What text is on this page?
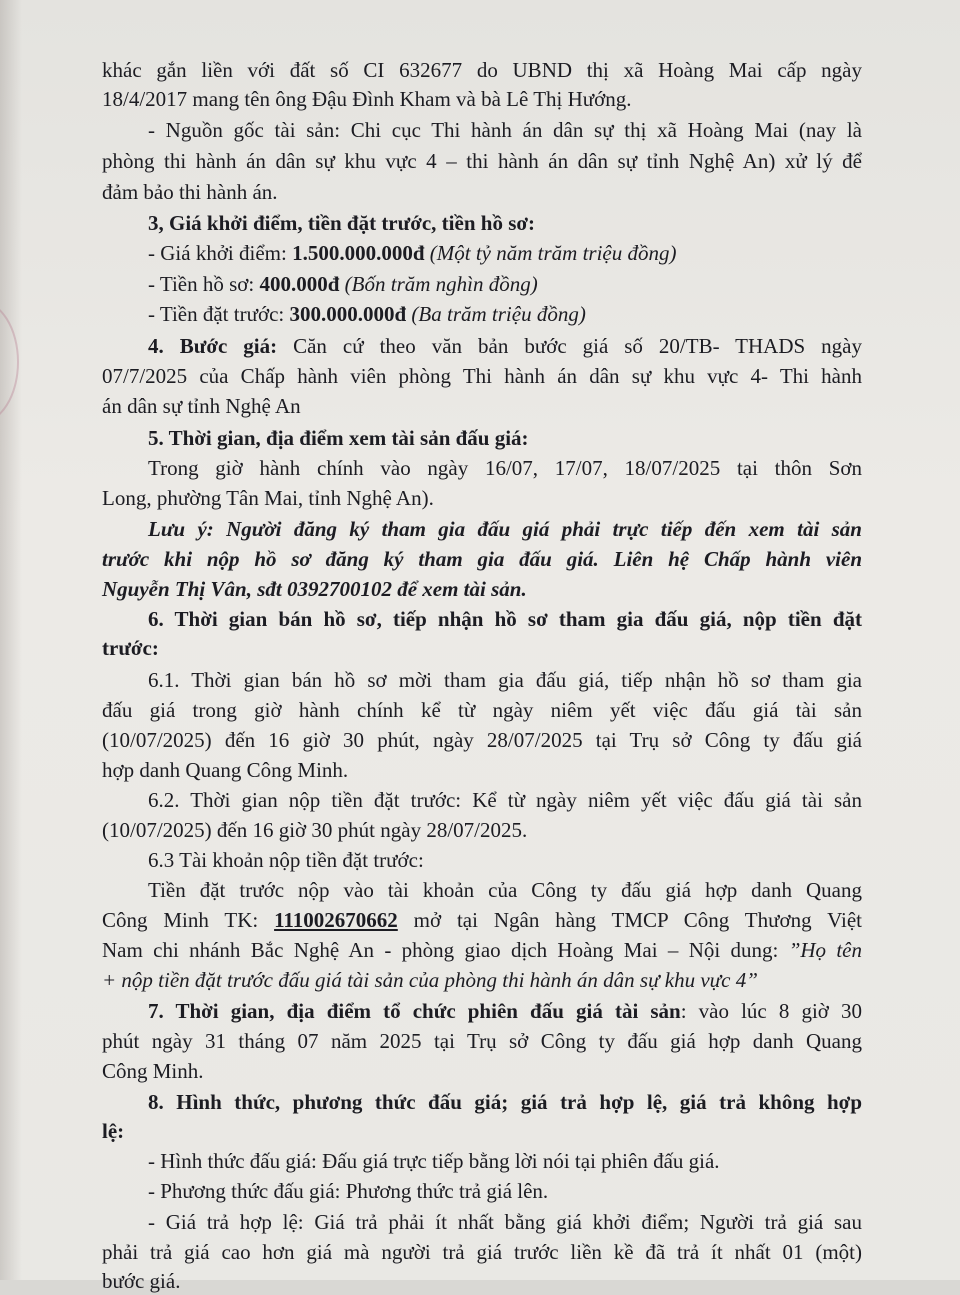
khác gắn liền với đất số CI 632677 do UBND thị xã Hoàng Mai cấp ngày
18/4/2017 mang tên ông Đậu Đình Kham và bà Lê Thị Hướng.
- Nguồn gốc tài sản: Chi cục Thi hành án dân sự thị xã Hoàng Mai (nay là
phòng thi hành án dân sự khu vực 4 – thi hành án dân sự tỉnh Nghệ An) xử lý để
đảm bảo thi hành án.
3, Giá khởi điểm, tiền đặt trước, tiền hồ sơ:
- Giá khởi điểm: 1.500.000.000đ (Một tỷ năm trăm triệu đồng)
- Tiền hồ sơ: 400.000đ (Bốn trăm nghìn đồng)
- Tiền đặt trước: 300.000.000đ (Ba trăm triệu đồng)
4. Bước giá: Căn cứ theo văn bản bước giá số 20/TB- THADS ngày
07/7/2025 của Chấp hành viên phòng Thi hành án dân sự khu vực 4- Thi hành
án dân sự tỉnh Nghệ An
5. Thời gian, địa điểm xem tài sản đấu giá:
Trong giờ hành chính vào ngày 16/07, 17/07, 18/07/2025 tại thôn Sơn
Long, phường Tân Mai, tỉnh Nghệ An).
Lưu ý: Người đăng ký tham gia đấu giá phải trực tiếp đến xem tài sản
trước khi nộp hồ sơ đăng ký tham gia đấu giá. Liên hệ Chấp hành viên
Nguyễn Thị Vân, sđt 0392700102 để xem tài sản.
6. Thời gian bán hồ sơ, tiếp nhận hồ sơ tham gia đấu giá, nộp tiền đặt
trước:
6.1. Thời gian bán hồ sơ mời tham gia đấu giá, tiếp nhận hồ sơ tham gia
đấu giá trong giờ hành chính kể từ ngày niêm yết việc đấu giá tài sản
(10/07/2025) đến 16 giờ 30 phút, ngày 28/07/2025 tại Trụ sở Công ty đấu giá
hợp danh Quang Công Minh.
6.2. Thời gian nộp tiền đặt trước: Kể từ ngày niêm yết việc đấu giá tài sản
(10/07/2025) đến 16 giờ 30 phút ngày 28/07/2025.
6.3 Tài khoản nộp tiền đặt trước:
Tiền đặt trước nộp vào tài khoản của Công ty đấu giá hợp danh Quang
Công Minh TK: 111002670662 mở tại Ngân hàng TMCP Công Thương Việt
Nam chi nhánh Bắc Nghệ An - phòng giao dịch Hoàng Mai – Nội dung: ”Họ tên
+ nộp tiền đặt trước đấu giá tài sản của phòng thi hành án dân sự khu vực 4”
7. Thời gian, địa điểm tổ chức phiên đấu giá tài sản: vào lúc 8 giờ 30
phút ngày 31 tháng 07 năm 2025 tại Trụ sở Công ty đấu giá hợp danh Quang
Công Minh.
8. Hình thức, phương thức đấu giá; giá trả hợp lệ, giá trả không hợp
lệ:
- Hình thức đấu giá: Đấu giá trực tiếp bằng lời nói tại phiên đấu giá.
- Phương thức đấu giá: Phương thức trả giá lên.
- Giá trả hợp lệ: Giá trả phải ít nhất bằng giá khởi điểm; Người trả giá sau
phải trả giá cao hơn giá mà người trả giá trước liền kề đã trả ít nhất 01 (một)
bước giá.
